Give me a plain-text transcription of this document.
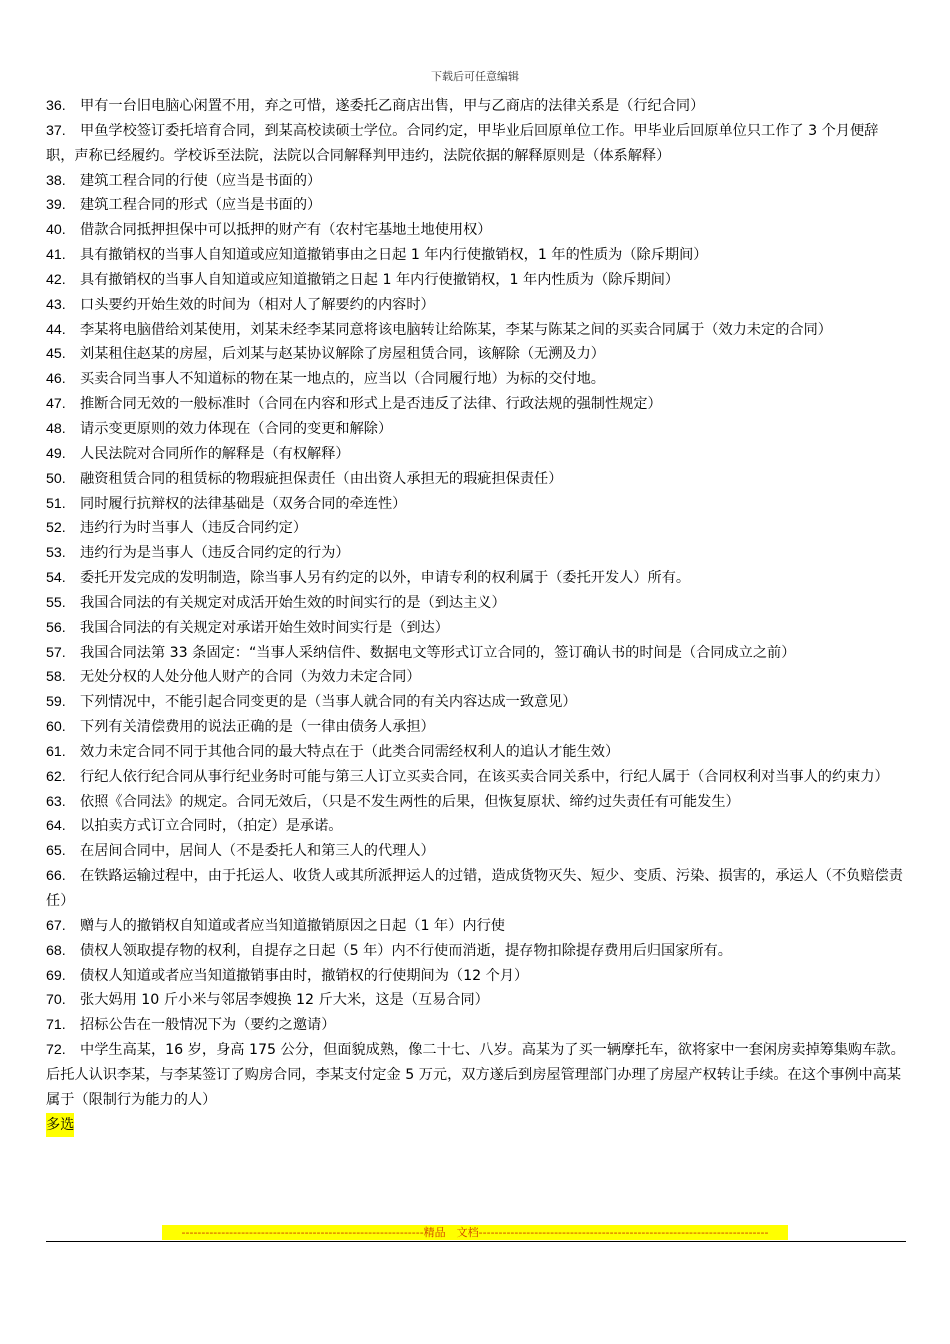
下载后可任意编辑

36. 甲有一台旧电脑心闲置不用，弃之可惜，遂委托乙商店出售，甲与乙商店的法律关系是（行纪合同）

37. 甲鱼学校签订委托培育合同，到某高校读硕士学位。合同约定，甲毕业后回原单位工作。甲毕业后回原单位只工作了 3 个月便辞职，声称已经履约。学校诉至法院，法院以合同解释判甲违约，法院依据的解释原则是（体系解释）

38. 建筑工程合同的行使（应当是书面的）

39. 建筑工程合同的形式（应当是书面的）

40. 借款合同抵押担保中可以抵押的财产有（农村宅基地土地使用权）

41. 具有撤销权的当事人自知道或应知道撤销事由之日起 1 年内行使撤销权，1 年的性质为（除斥期间）

42. 具有撤销权的当事人自知道或应知道撤销之日起 1 年内行使撤销权，1 年内性质为（除斥期间）

43. 口头要约开始生效的时间为（相对人了解要约的内容时）

44. 李某将电脑借给刘某使用，刘某未经李某同意将该电脑转让给陈某，李某与陈某之间的买卖合同属于（效力未定的合同）

45. 刘某租住赵某的房屋，后刘某与赵某协议解除了房屋租赁合同，该解除（无溯及力）

46. 买卖合同当事人不知道标的物在某一地点的，应当以（合同履行地）为标的交付地。

47. 推断合同无效的一般标准时（合同在内容和形式上是否违反了法律、行政法规的强制性规定）

48. 请示变更原则的效力体现在（合同的变更和解除）

49. 人民法院对合同所作的解释是（有权解释）

50. 融资租赁合同的租赁标的物瑕疵担保责任（由出资人承担无的瑕疵担保责任）

51. 同时履行抗辩权的法律基础是（双务合同的牵连性）

52. 违约行为时当事人（违反合同约定）

53. 违约行为是当事人（违反合同约定的行为）

54. 委托开发完成的发明制造，除当事人另有约定的以外，申请专利的权利属于（委托开发人）所有。

55. 我国合同法的有关规定对成活开始生效的时间实行的是（到达主义）

56. 我国合同法的有关规定对承诺开始生效时间实行是（到达）

57. 我国合同法第 33 条固定：“当事人采纳信件、数据电文等形式订立合同的，签订确认书的时间是（合同成立之前）

58. 无处分权的人处分他人财产的合同（为效力未定合同）

59. 下列情况中，不能引起合同变更的是（当事人就合同的有关内容达成一致意见）

60. 下列有关清偿费用的说法正确的是（一律由债务人承担）

61. 效力未定合同不同于其他合同的最大特点在于（此类合同需经权利人的追认才能生效）

62. 行纪人依行纪合同从事行纪业务时可能与第三人订立买卖合同，在该买卖合同关系中，行纪人属于（合同权利对当事人的约束力）

63. 依照《合同法》的规定。合同无效后，（只是不发生两性的后果，但恢复原状、缔约过失责任有可能发生）

64. 以拍卖方式订立合同时，（拍定）是承诺。

65. 在居间合同中，居间人（不是委托人和第三人的代理人）

66. 在铁路运输过程中，由于托运人、收货人或其所派押运人的过错，造成货物灭失、短少、变质、污染、损害的，承运人（不负赔偿责任）

67. 赠与人的撤销权自知道或者应当知道撤销原因之日起（1 年）内行使

68. 债权人领取提存物的权利，自提存之日起（5 年）内不行使而消逝，提存物扣除提存费用后归国家所有。

69. 债权人知道或者应当知道撤销事由时，撤销权的行使期间为（12 个月）

70. 张大妈用 10 斤小米与邻居李嫂换 12 斤大米，这是（互易合同）

71. 招标公告在一般情况下为（要约之邀请）

72. 中学生高某，16 岁，身高 175 公分，但面貌成熟，像二十七、八岁。高某为了买一辆摩托车，欲将家中一套闲房卖掉筹集购车款。后托人认识李某，与李某签订了购房合同，李某支付定金 5 万元，双方遂后到房屋管理部门办理了房屋产权转让手续。在这个事例中高某属于（限制行为能力的人）

多选

-------------------------------------------------------------精品　文档-------------------------------------------------------------------------
